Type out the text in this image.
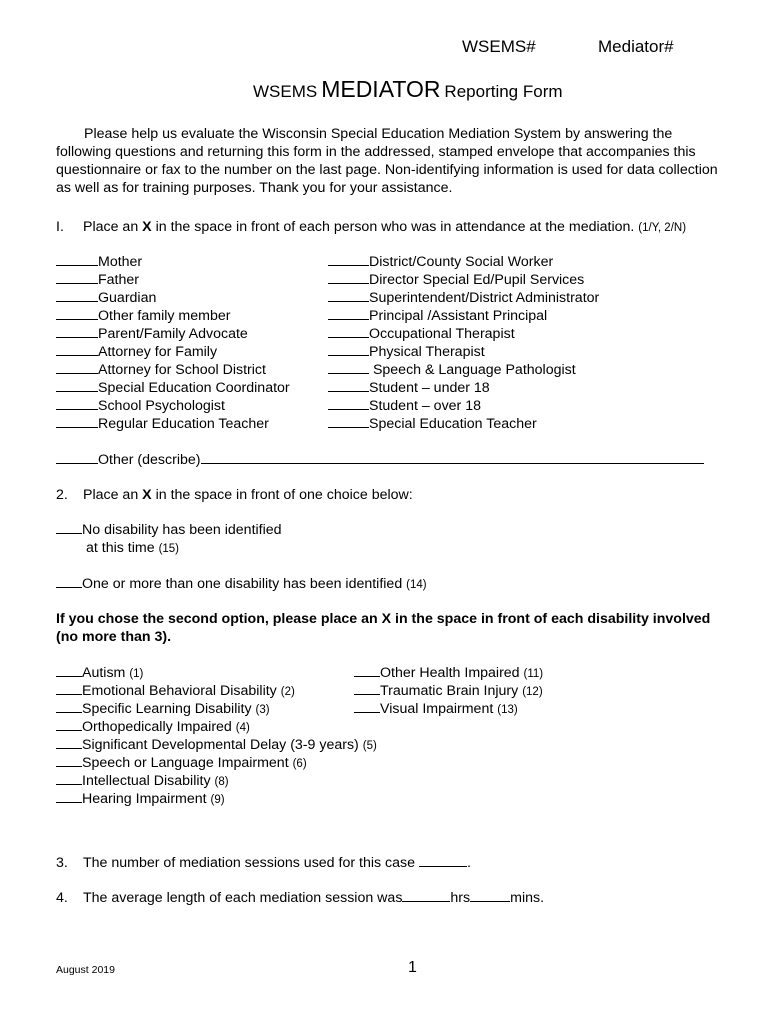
WSEMS#	Mediator#
WSEMS MEDIATOR Reporting Form
Please help us evaluate the Wisconsin Special Education Mediation System by answering the
following questions and returning this form in the addressed, stamped envelope that accompanies this
questionnaire or fax to the number on the last page. Non-identifying information is used for data collection
as well as for training purposes. Thank you for your assistance.
I. Place an X in the space in front of each person who was in attendance at the mediation. (1/Y, 2/N)
Mother
Father
Guardian
Other family member
Parent/Family Advocate
Attorney for Family
Attorney for School District
Special Education Coordinator
School Psychologist
Regular Education Teacher
District/County Social Worker
Director Special Ed/Pupil Services
Superintendent/District Administrator
Principal /Assistant Principal
Occupational Therapist
Physical Therapist
Speech & Language Pathologist
Student – under 18
Student – over 18
Special Education Teacher
Other (describe)
2. Place an X in the space in front of one choice below:
No disability has been identified
at this time (15)
One or more than one disability has been identified (14)
If you chose the second option, please place an X in the space in front of each disability involved
(no more than 3).
Autism (1)
Emotional Behavioral Disability (2)
Specific Learning Disability (3)
Orthopedically Impaired (4)
Significant Developmental Delay (3-9 years) (5)
Speech or Language Impairment (6)
Intellectual Disability (8)
Hearing Impairment (9)
Other Health Impaired (11)
Traumatic Brain Injury (12)
Visual Impairment (13)
3. The number of mediation sessions used for this case	.
4. The average length of each mediation session was	hrs	mins.
August 2019	1
